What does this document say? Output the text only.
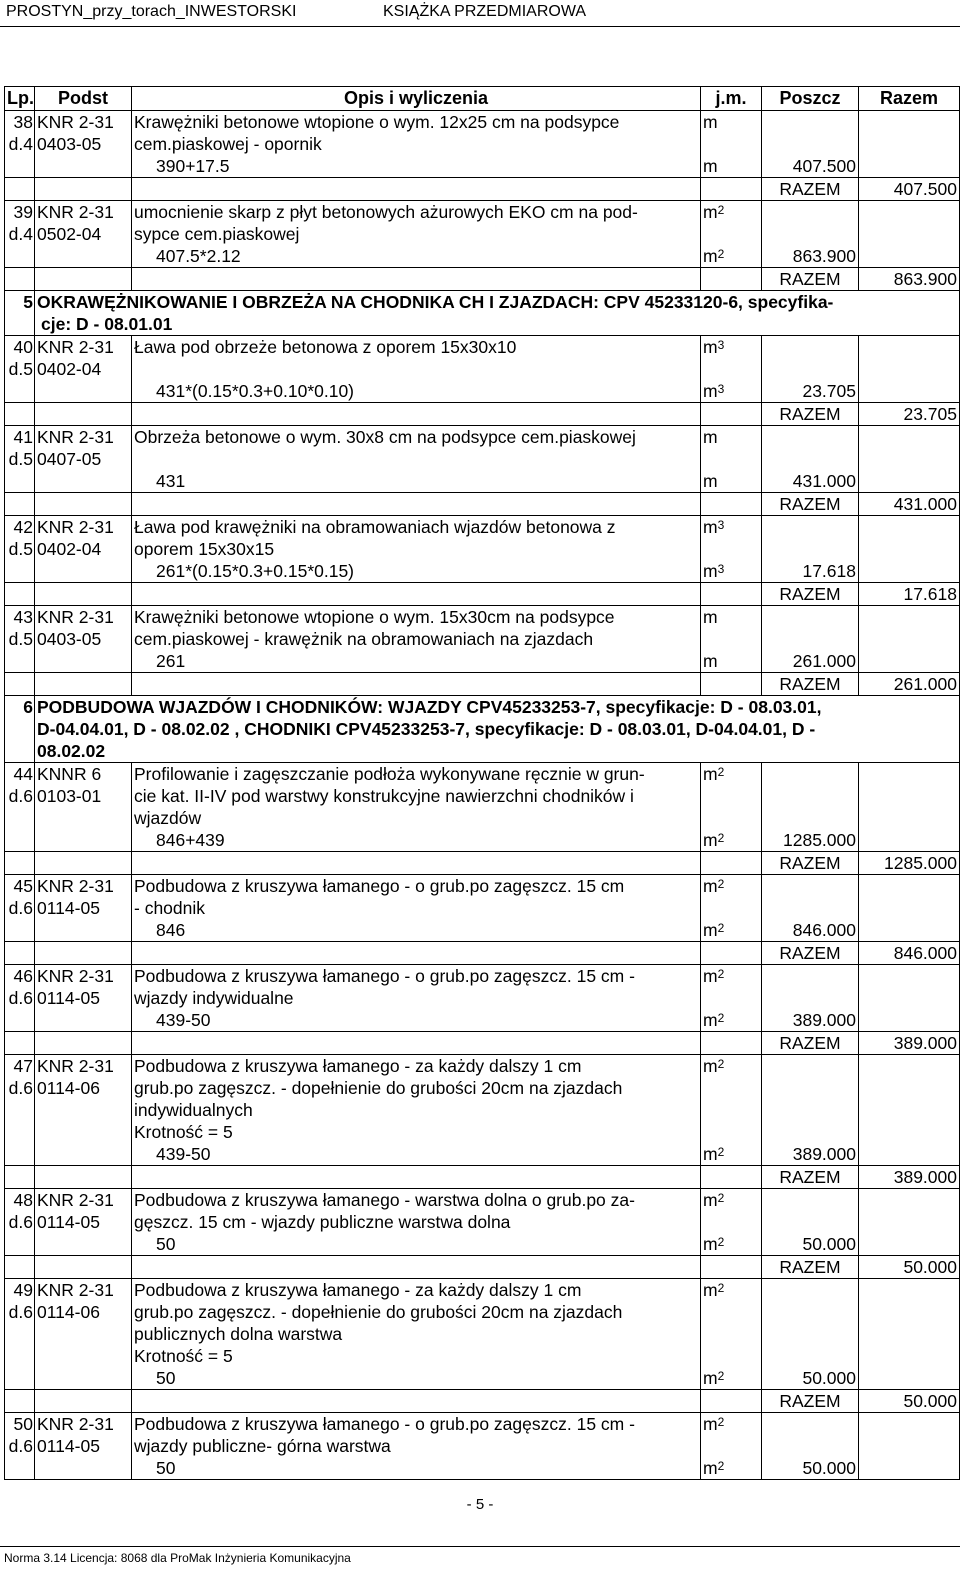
PROSTYN_przy_torach_INWESTORSKI	KSIĄŻKA PRZEDMIAROWA
Lp.	Podst	Opis i wyliczenia	j.m.	Poszcz	Razem
38	KNR 2-31	Krawężniki betonowe wtopione o wym. 12x25 cm na podsypce	m		
d.4	0403-05	cem.piaskowej - opornik			
		390+17.5	m	407.500	
				RAZEM	407.500
39	KNR 2-31	umocnienie skarp z płyt betonowych ażurowych EKO cm na pod-	$m^2$		
d.4	0502-04	sypce cem.piaskowej			
		407.5*2.12	$m^2$	863.900	
				RAZEM	863.900
5	OKRAWĘŻNIKOWANIE I OBRZEŻA NA CHODNIKA CH I ZJAZDACH: CPV 45233120-6, specyfika-				
	cje: D - 08.01.01				
40	KNR 2-31	Ława pod obrzeże betonowa z oporem 15x30x10	$m^3$		
d.5	0402-04				
		431*(0.15*0.3+0.10*0.10)	$m^3$	23.705	
				RAZEM	23.705
41	KNR 2-31	Obrzeża betonowe o wym. 30x8 cm na podsypce cem.piaskowej	m		
d.5	0407-05				
		431	m	431.000	
				RAZEM	431.000
42	KNR 2-31	Ława pod krawężniki na obramowaniach wjazdów betonowa z	$m^3$		
d.5	0402-04	oporem 15x30x15			
		261*(0.15*0.3+0.15*0.15)	$m^3$	17.618	
				RAZEM	17.618
43	KNR 2-31	Krawężniki betonowe wtopione o wym. 15x30cm na podsypce	m		
d.5	0403-05	cem.piaskowej - krawężnik na obramowaniach na zjazdach			
		261	m	261.000	
				RAZEM	261.000
6	PODBUDOWA WJAZDÓW I CHODNIKÓW: WJAZDY CPV45233253-7, specyfikacje: D - 08.03.01,				
	D-04.04.01, D - 08.02.02 , CHODNIKI CPV45233253-7, specyfikacje: D - 08.03.01, D-04.04.01, D -				
	08.02.02				
44	KNNR 6	Profilowanie i zagęszczanie podłoża wykonywane ręcznie w grun-	$m^2$		
d.6	0103-01	cie kat. II-IV pod warstwy konstrukcyjne nawierzchni chodników i			
		wjazdów			
		846+439	$m^2$	1285.000	
				RAZEM	1285.000
45	KNR 2-31	Podbudowa z kruszywa łamanego - o grub.po zagęszcz. 15 cm	$m^2$		
d.6	0114-05	- chodnik			
		846	$m^2$	846.000	
				RAZEM	846.000
46	KNR 2-31	Podbudowa z kruszywa łamanego - o grub.po zagęszcz. 15 cm -	$m^2$		
d.6	0114-05	wjazdy indywidualne			
		439-50	$m^2$	389.000	
				RAZEM	389.000
47	KNR 2-31	Podbudowa z kruszywa łamanego - za każdy dalszy 1 cm	$m^2$		
d.6	0114-06	grub.po zagęszcz. - dopełnienie do grubości 20cm na zjazdach			
		indywidualnych			
		Krotność = 5			
		439-50	$m^2$	389.000	
				RAZEM	389.000
48	KNR 2-31	Podbudowa z kruszywa łamanego - warstwa dolna o grub.po za-	$m^2$		
d.6	0114-05	gęszcz. 15 cm - wjazdy publiczne warstwa dolna			
		50	$m^2$	50.000	
				RAZEM	50.000
49	KNR 2-31	Podbudowa z kruszywa łamanego - za każdy dalszy 1 cm	$m^2$		
d.6	0114-06	grub.po zagęszcz. - dopełnienie do grubości 20cm na zjazdach			
		publicznych dolna warstwa			
		Krotność = 5			
		50	$m^2$	50.000	
				RAZEM	50.000
50	KNR 2-31	Podbudowa z kruszywa łamanego - o grub.po zagęszcz. 15 cm -	$m^2$		
d.6	0114-05	wjazdy publiczne- górna warstwa			
		50	$m^2$	50.000	
- 5 -
Norma 3.14 Licencja: 8068 dla ProMak Inżynieria Komunikacyjna
